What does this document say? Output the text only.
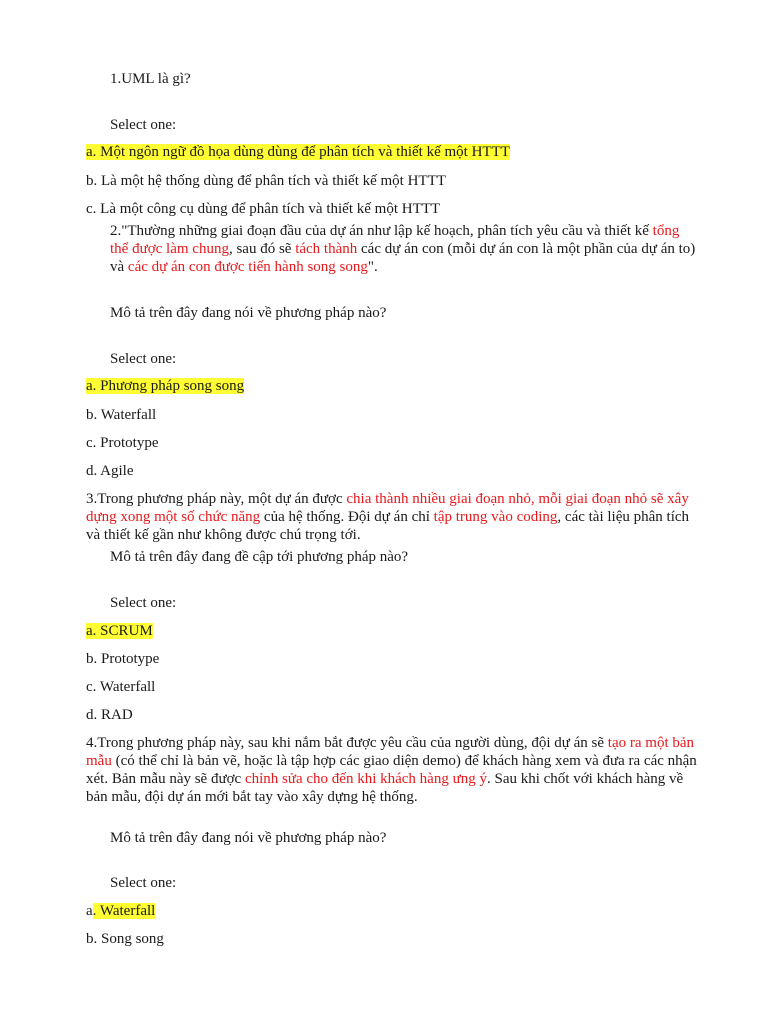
1.UML là gì?
Select one:
a. Một ngôn ngữ đồ họa dùng dùng để phân tích và thiết kế một HTTT
b. Là một hệ thống dùng để phân tích và thiết kế một HTTT
c. Là một công cụ dùng để phân tích và thiết kế một HTTT
2."Thường những giai đoạn đầu của dự án như lập kế hoạch, phân tích yêu cầu và thiết kế tổng thể được làm chung, sau đó sẽ tách thành các dự án con (mỗi dự án con là một phần của dự án to) và các dự án con được tiến hành song song".
Mô tả trên đây đang nói về phương pháp nào?
Select one:
a. Phương pháp song song
b. Waterfall
c. Prototype
d. Agile
3.Trong phương pháp này, một dự án được chia thành nhiều giai đoạn nhỏ, mỗi giai đoạn nhỏ sẽ xây dựng xong một số chức năng của hệ thống. Đội dự án chỉ tập trung vào coding, các tài liệu phân tích và thiết kế gần như không được chú trọng tới.
Mô tả trên đây đang đề cập tới phương pháp nào?
Select one:
a. SCRUM
b. Prototype
c. Waterfall
d. RAD
4.Trong phương pháp này, sau khi nắm bắt được yêu cầu của người dùng, đội dự án sẽ tạo ra một bản mẫu (có thể chỉ là bản vẽ, hoặc là tập hợp các giao diện demo) để khách hàng xem và đưa ra các nhận xét. Bản mẫu này sẽ được chỉnh sửa cho đến khi khách hàng ưng ý. Sau khi chốt với khách hàng về bản mẫu, đội dự án mới bắt tay vào xây dựng hệ thống.
Mô tả trên đây đang nói về phương pháp nào?
Select one:
a. Waterfall
b. Song song
